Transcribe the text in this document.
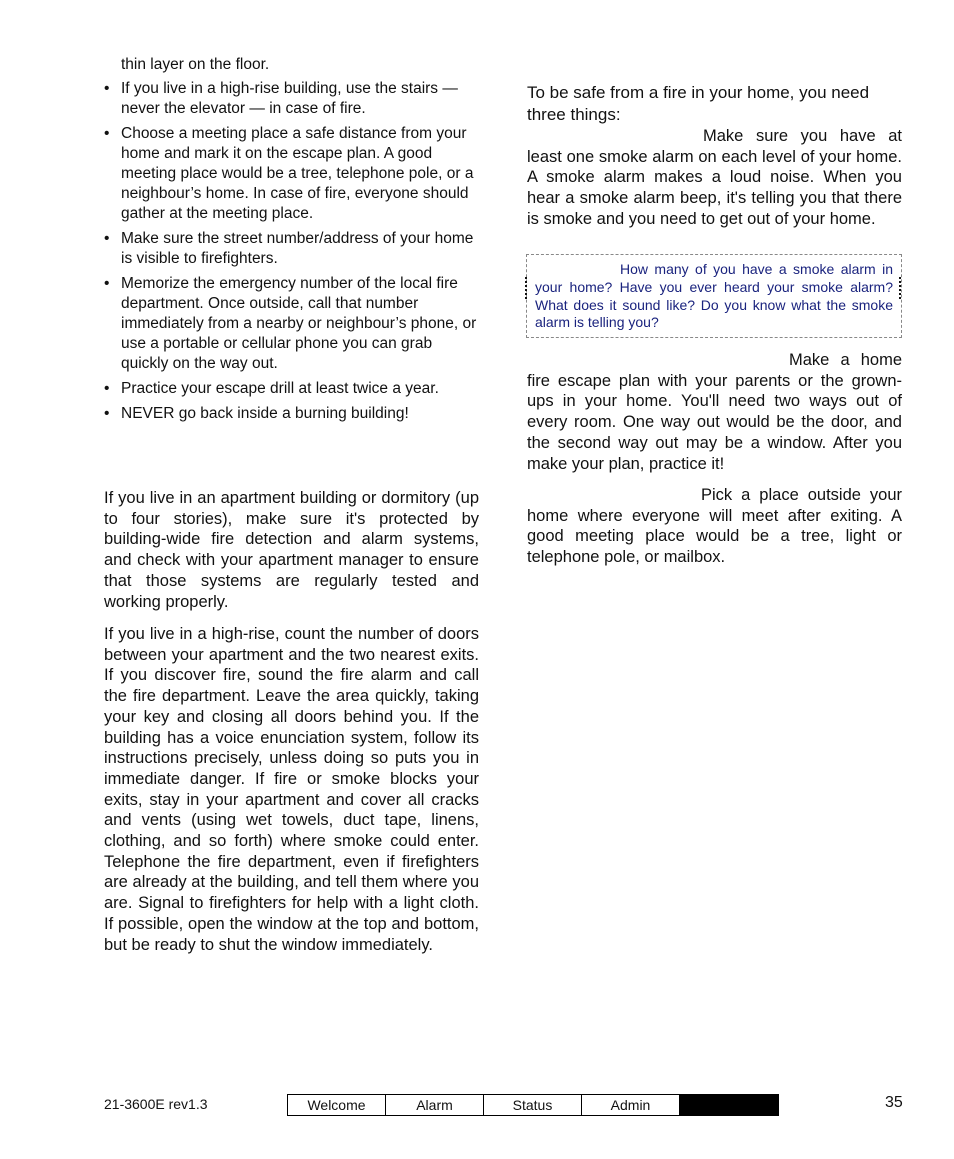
thin layer on the floor.

• If you live in a high-rise building, use the stairs — never the elevator — in case of fire.
• Choose a meeting place a safe distance from your home and mark it on the escape plan. A good meeting place would be a tree, telephone pole, or a neighbour’s home. In case of fire, everyone should gather at the meeting place.
• Make sure the street number/address of your home is visible to firefighters.
• Memorize the emergency number of the local fire department. Once outside, call that number immediately from a nearby or neighbour’s phone, or use a portable or cellular phone you can grab quickly on the way out.
• Practice your escape drill at least twice a year.
• NEVER go back inside a burning building!

If you live in an apartment building or dormitory (up to four stories), make sure it's protected by building-wide fire detection and alarm systems, and check with your apartment manager to ensure that those systems are regularly tested and working properly.

If you live in a high-rise, count the number of doors between your apartment and the two nearest exits. If you discover fire, sound the fire alarm and call the fire department. Leave the area quickly, taking your key and closing all doors behind you. If the building has a voice enunciation system, follow its instructions precisely, unless doing so puts you in immediate danger. If fire or smoke blocks your exits, stay in your apartment and cover all cracks and vents (using wet towels, duct tape, linens, clothing, and so forth) where smoke could enter. Telephone the fire department, even if firefighters are already at the building, and tell them where you are. Signal to firefighters for help with a light cloth. If possible, open the window at the top and bottom, but be ready to shut the window immediately.

To be safe from a fire in your home, you need three things:

Make sure you have at least one smoke alarm on each level of your home. A smoke alarm makes a loud noise. When you hear a smoke alarm beep, it's telling you that there is smoke and you need to get out of your home.

How many of you have a smoke alarm in your home? Have you ever heard your smoke alarm? What does it sound like? Do you know what the smoke alarm is telling you?

Make a home fire escape plan with your parents or the grown-ups in your home. You'll need two ways out of every room. One way out would be the door, and the second way out may be a window. After you make your plan, practice it!

Pick a place outside your home where everyone will meet after exiting. A good meeting place would be a tree, light or telephone pole, or mailbox.

21-3600E rev1.3	Welcome	Alarm	Status	Admin	35
